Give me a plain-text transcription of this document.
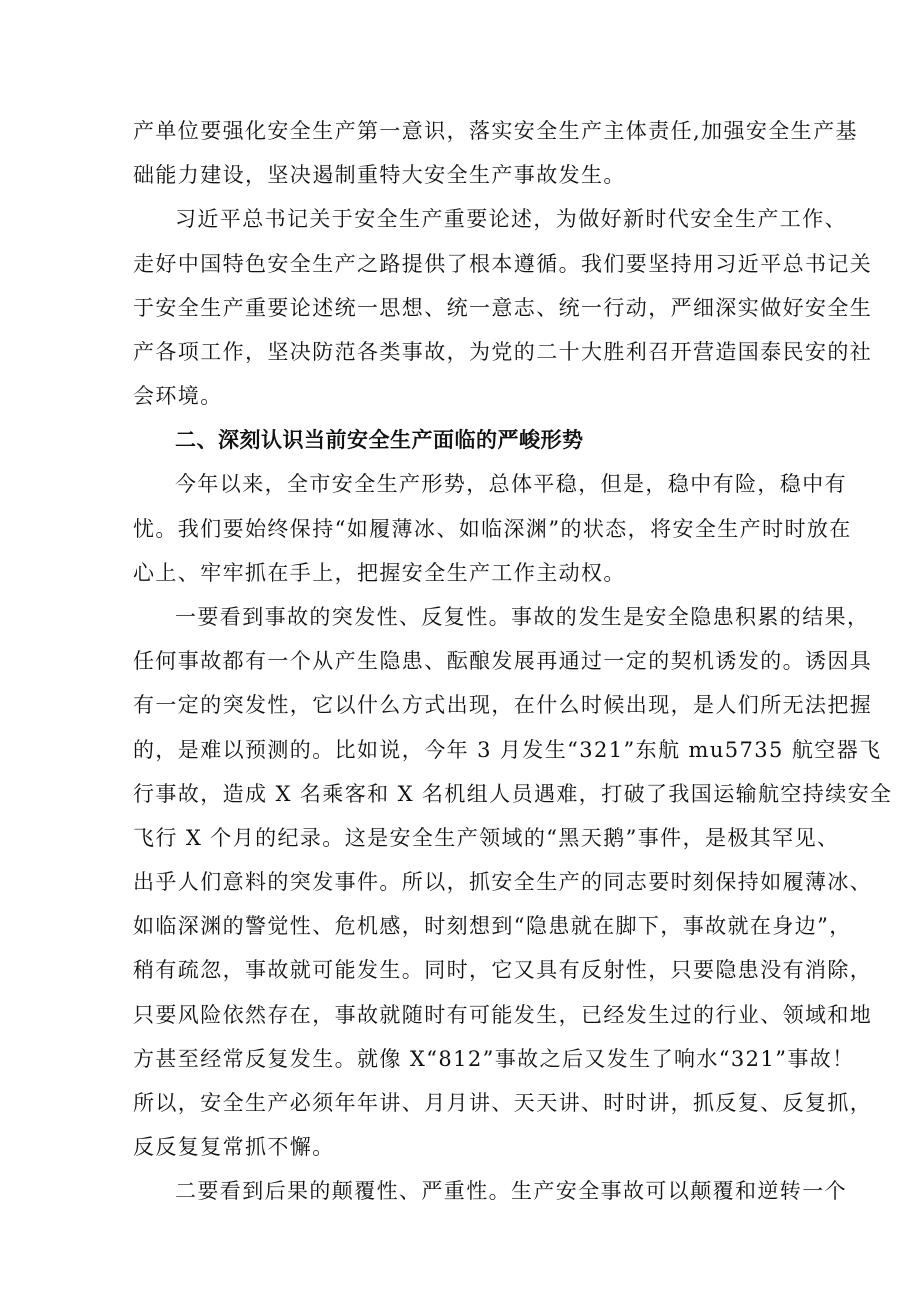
产单位要强化安全生产第一意识，落实安全生产主体责任,加强安全生产基
础能力建设，坚决遏制重特大安全生产事故发生。
习近平总书记关于安全生产重要论述，为做好新时代安全生产工作、
走好中国特色安全生产之路提供了根本遵循。我们要坚持用习近平总书记关
于安全生产重要论述统一思想、统一意志、统一行动，严细深实做好安全生
产各项工作，坚决防范各类事故，为党的二十大胜利召开营造国泰民安的社
会环境。
二、深刻认识当前安全生产面临的严峻形势
今年以来，全市安全生产形势，总体平稳，但是，稳中有险，稳中有
忧。我们要始终保持“如履薄冰、如临深渊”的状态，将安全生产时时放在
心上、牢牢抓在手上，把握安全生产工作主动权。
一要看到事故的突发性、反复性。事故的发生是安全隐患积累的结果，
任何事故都有一个从产生隐患、酝酿发展再通过一定的契机诱发的。诱因具
有一定的突发性，它以什么方式出现，在什么时候出现，是人们所无法把握
的，是难以预测的。比如说，今年 3 月发生“321”东航 mu5735 航空器飞
行事故，造成 X 名乘客和 X 名机组人员遇难，打破了我国运输航空持续安全
飞行 X 个月的纪录。这是安全生产领域的“黑天鹅”事件，是极其罕见、
出乎人们意料的突发事件。所以，抓安全生产的同志要时刻保持如履薄冰、
如临深渊的警觉性、危机感，时刻想到“隐患就在脚下，事故就在身边”，
稍有疏忽，事故就可能发生。同时，它又具有反射性，只要隐患没有消除，
只要风险依然存在，事故就随时有可能发生，已经发生过的行业、领域和地
方甚至经常反复发生。就像 X“812”事故之后又发生了响水“321”事故！
所以，安全生产必须年年讲、月月讲、天天讲、时时讲，抓反复、反复抓，
反反复复常抓不懈。
二要看到后果的颠覆性、严重性。生产安全事故可以颠覆和逆转一个
